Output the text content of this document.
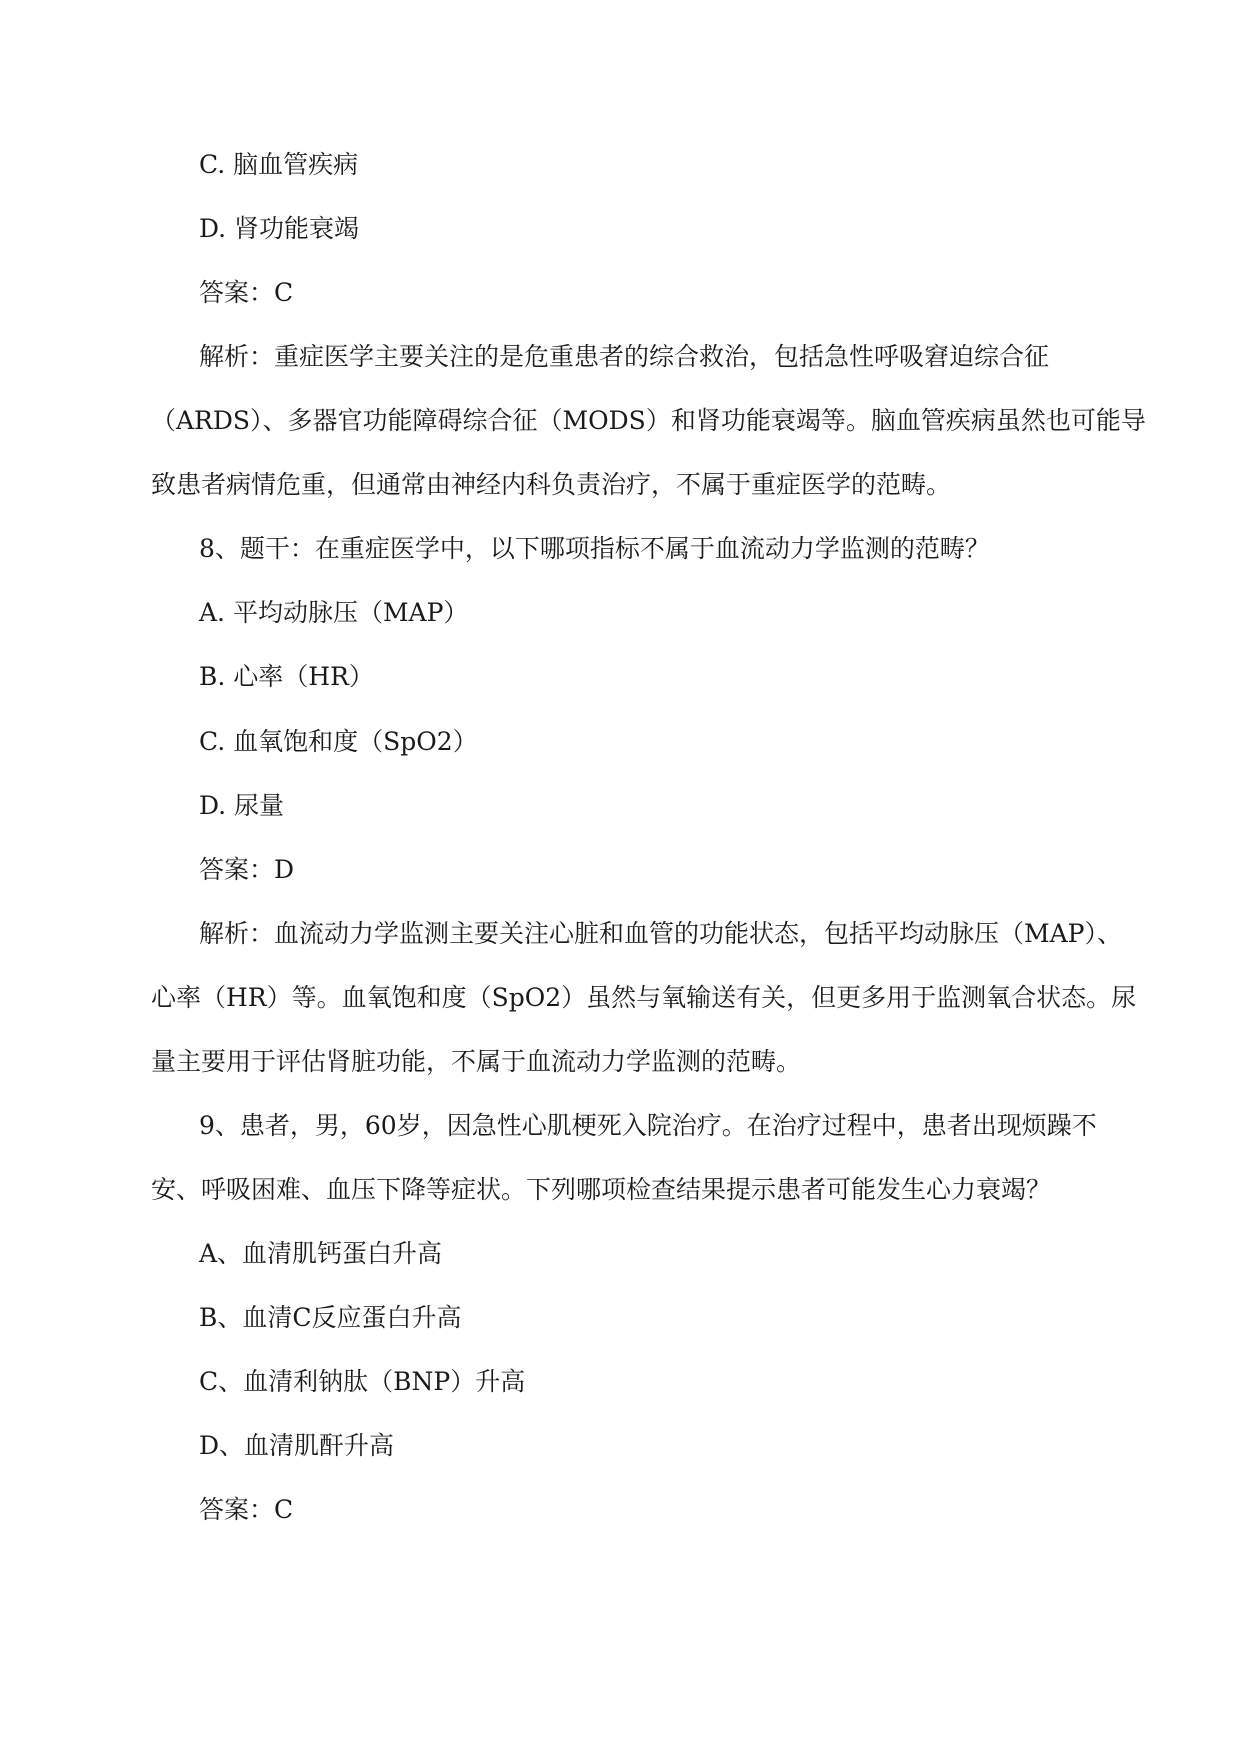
C. 脑血管疾病
D. 肾功能衰竭
答案：C
解析：重症医学主要关注的是危重患者的综合救治，包括急性呼吸窘迫综合征
（ARDS）、多器官功能障碍综合征（MODS）和肾功能衰竭等。脑血管疾病虽然也可能导
致患者病情危重，但通常由神经内科负责治疗，不属于重症医学的范畴。
8、题干：在重症医学中，以下哪项指标不属于血流动力学监测的范畴？
A. 平均动脉压（MAP）
B. 心率（HR）
C. 血氧饱和度（SpO2）
D. 尿量
答案：D
解析：血流动力学监测主要关注心脏和血管的功能状态，包括平均动脉压（MAP）、
心率（HR）等。血氧饱和度（SpO2）虽然与氧输送有关，但更多用于监测氧合状态。尿
量主要用于评估肾脏功能，不属于血流动力学监测的范畴。
9、患者，男，60岁，因急性心肌梗死入院治疗。在治疗过程中，患者出现烦躁不
安、呼吸困难、血压下降等症状。下列哪项检查结果提示患者可能发生心力衰竭？
A、血清肌钙蛋白升高
B、血清C反应蛋白升高
C、血清利钠肽（BNP）升高
D、血清肌酐升高
答案：C
